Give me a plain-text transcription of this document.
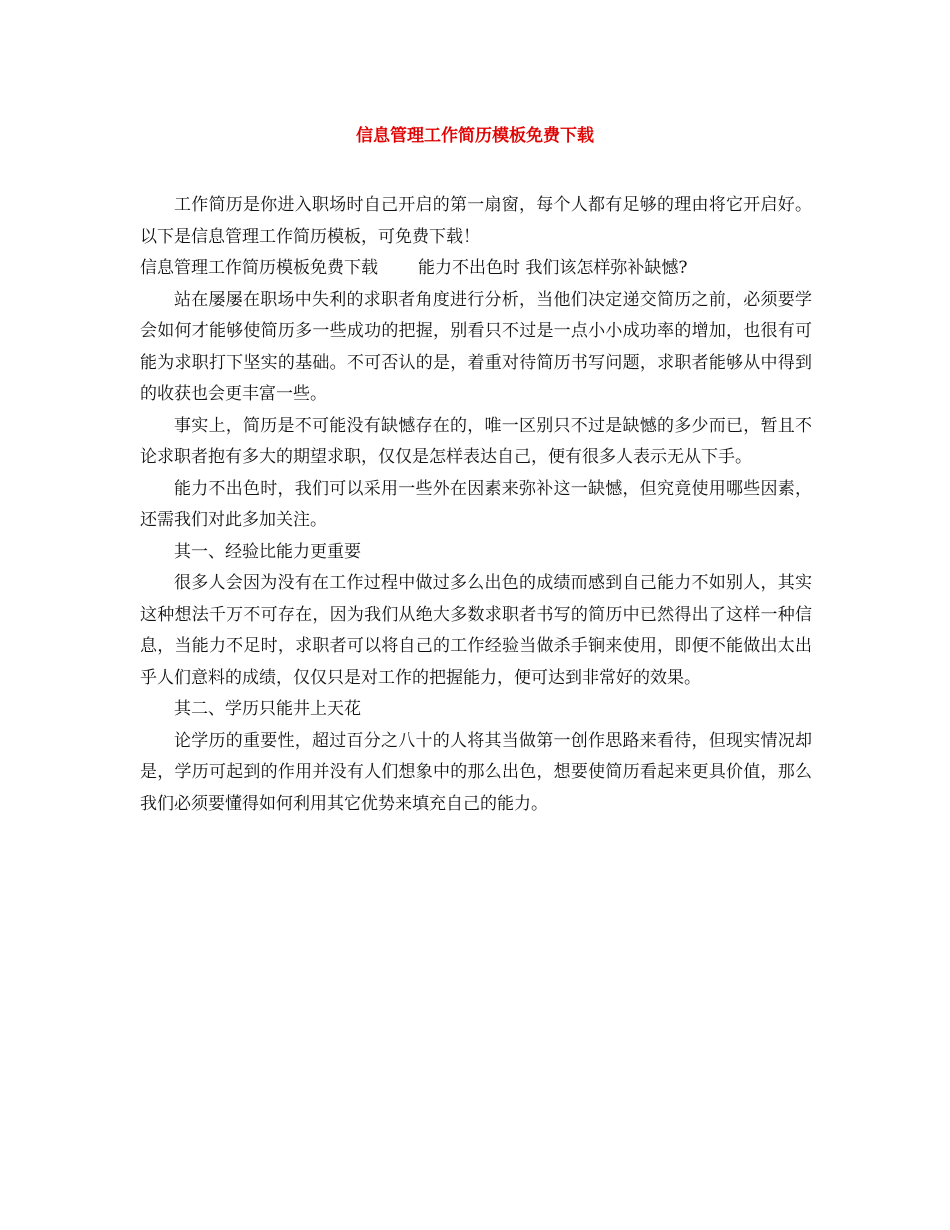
信息管理工作简历模板免费下载

工作简历是你进入职场时自己开启的第一扇窗，每个人都有足够的理由将它开启好。以下是信息管理工作简历模板，可免费下载！

信息管理工作简历模板免费下载 能力不出色时 我们该怎样弥补缺憾?

站在屡屡在职场中失利的求职者角度进行分析，当他们决定递交简历之前，必须要学会如何才能够使简历多一些成功的把握，别看只不过是一点小小成功率的增加，也很有可能为求职打下坚实的基础。不可否认的是，着重对待简历书写问题，求职者能够从中得到的收获也会更丰富一些。

事实上，简历是不可能没有缺憾存在的，唯一区别只不过是缺憾的多少而已，暂且不论求职者抱有多大的期望求职，仅仅是怎样表达自己，便有很多人表示无从下手。

能力不出色时，我们可以采用一些外在因素来弥补这一缺憾，但究竟使用哪些因素，还需我们对此多加关注。

其一、经验比能力更重要

很多人会因为没有在工作过程中做过多么出色的成绩而感到自己能力不如别人，其实这种想法千万不可存在，因为我们从绝大多数求职者书写的简历中已然得出了这样一种信息，当能力不足时，求职者可以将自己的工作经验当做杀手锏来使用，即便不能做出太出乎人们意料的成绩，仅仅只是对工作的把握能力，便可达到非常好的效果。

其二、学历只能井上天花

论学历的重要性，超过百分之八十的人将其当做第一创作思路来看待，但现实情况却是，学历可起到的作用并没有人们想象中的那么出色，想要使简历看起来更具价值，那么我们必须要懂得如何利用其它优势来填充自己的能力。
